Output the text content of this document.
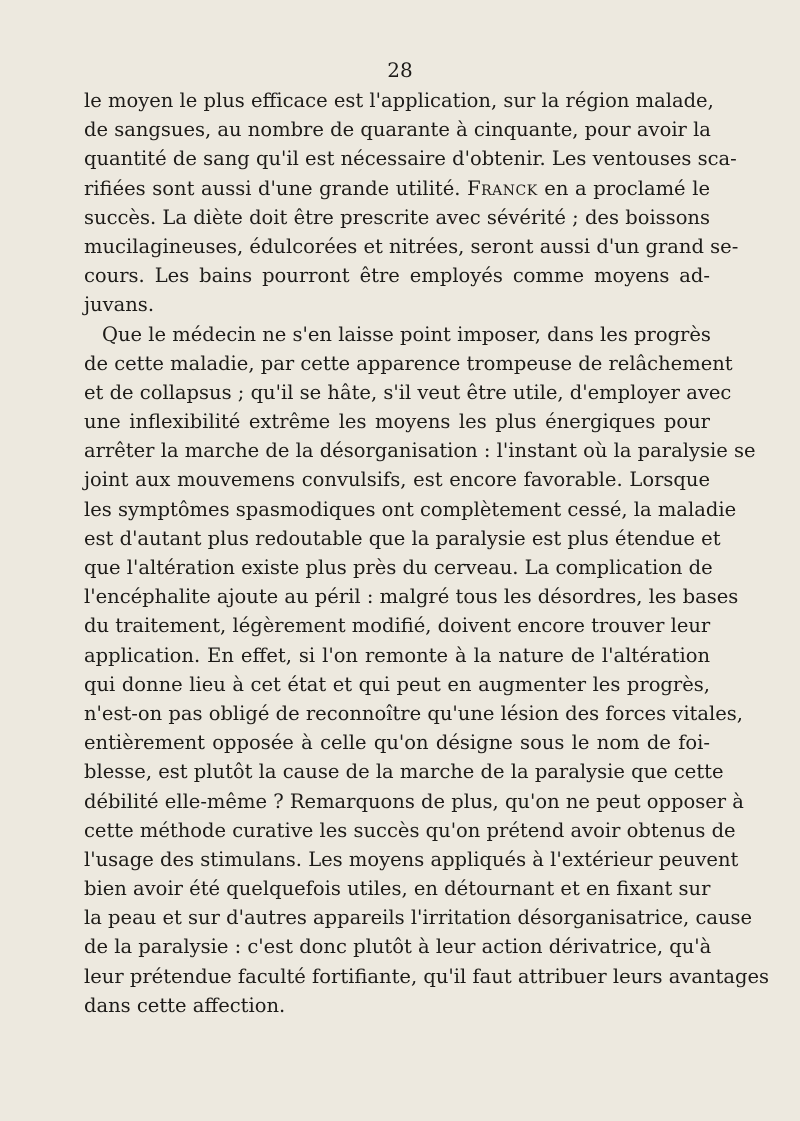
28
le moyen le plus efficace est l'application, sur la région malade,
de sangsues, au nombre de quarante à cinquante, pour avoir la
quantité de sang qu'il est nécessaire d'obtenir. Les ventouses sca-
rifiées sont aussi d'une grande utilité. Franck en a proclamé le
succès. La diète doit être prescrite avec sévérité ; des boissons
mucilagineuses, édulcorées et nitrées, seront aussi d'un grand se-
cours. Les bains pourront être employés comme moyens ad-
juvans.
Que le médecin ne s'en laisse point imposer, dans les progrès
de cette maladie, par cette apparence trompeuse de relâchement
et de collapsus ; qu'il se hâte, s'il veut être utile, d'employer avec
une inflexibilité extrême les moyens les plus énergiques pour
arrêter la marche de la désorganisation : l'instant où la paralysie se
joint aux mouvemens convulsifs, est encore favorable. Lorsque
les symptômes spasmodiques ont complètement cessé, la maladie
est d'autant plus redoutable que la paralysie est plus étendue et
que l'altération existe plus près du cerveau. La complication de
l'encéphalite ajoute au péril : malgré tous les désordres, les bases
du traitement, légèrement modifié, doivent encore trouver leur
application. En effet, si l'on remonte à la nature de l'altération
qui donne lieu à cet état et qui peut en augmenter les progrès,
n'est-on pas obligé de reconnoître qu'une lésion des forces vitales,
entièrement opposée à celle qu'on désigne sous le nom de foi-
blesse, est plutôt la cause de la marche de la paralysie que cette
débilité elle-même ? Remarquons de plus, qu'on ne peut opposer à
cette méthode curative les succès qu'on prétend avoir obtenus de
l'usage des stimulans. Les moyens appliqués à l'extérieur peuvent
bien avoir été quelquefois utiles, en détournant et en fixant sur
la peau et sur d'autres appareils l'irritation désorganisatrice, cause
de la paralysie : c'est donc plutôt à leur action dérivatrice, qu'à
leur prétendue faculté fortifiante, qu'il faut attribuer leurs avantages
dans cette affection.
